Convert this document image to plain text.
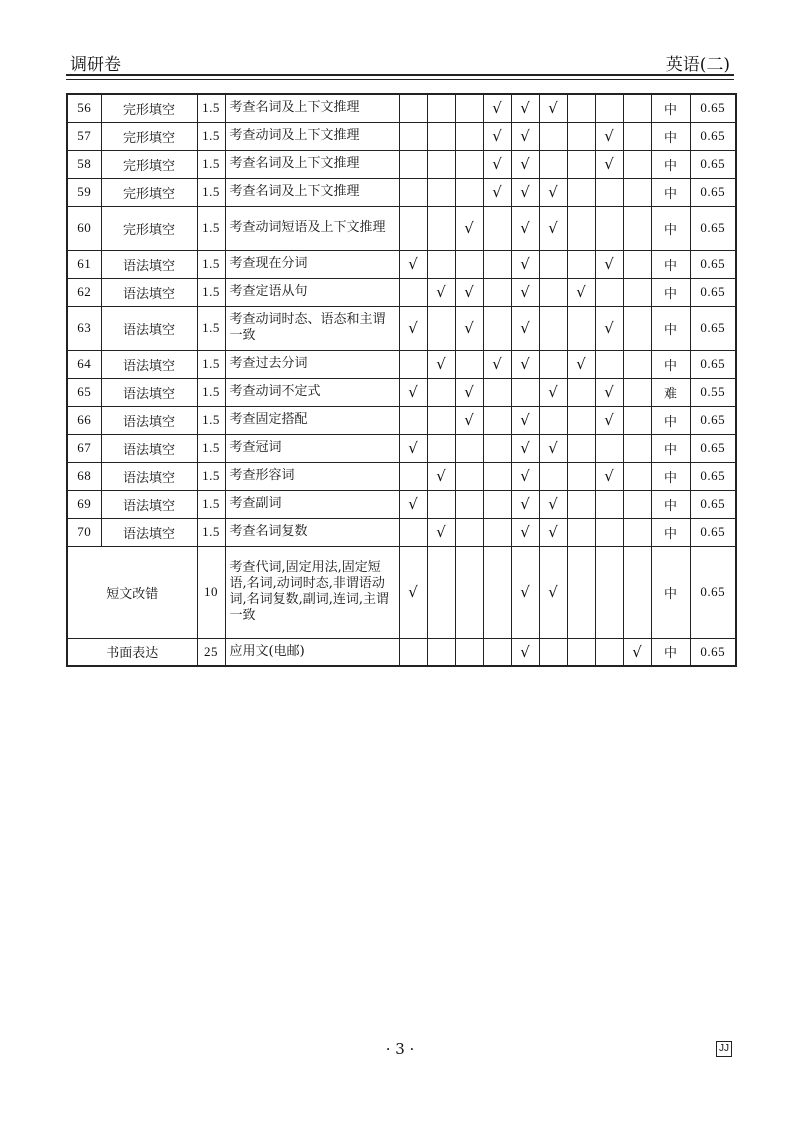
调研卷	英语(二)
56	完形填空	1.5	考查名词及上下文推理				√	√	√				中	0.65
57	完形填空	1.5	考查动词及上下文推理				√	√			√		中	0.65
58	完形填空	1.5	考查名词及上下文推理				√	√			√		中	0.65
59	完形填空	1.5	考查名词及上下文推理				√	√	√				中	0.65
60	完形填空	1.5	考查动词短语及上下文推理			√		√	√				中	0.65
61	语法填空	1.5	考查现在分词	√				√			√		中	0.65
62	语法填空	1.5	考查定语从句		√	√		√		√			中	0.65
63	语法填空	1.5	考查动词时态、语态和主谓一致	√		√		√			√		中	0.65
64	语法填空	1.5	考查过去分词		√		√	√		√			中	0.65
65	语法填空	1.5	考查动词不定式	√		√			√		√		难	0.55
66	语法填空	1.5	考查固定搭配			√		√			√		中	0.65
67	语法填空	1.5	考查冠词	√				√	√				中	0.65
68	语法填空	1.5	考查形容词		√			√			√		中	0.65
69	语法填空	1.5	考查副词	√				√	√				中	0.65
70	语法填空	1.5	考查名词复数		√			√	√				中	0.65
短文改错		10	考查代词,固定用法,固定短语,名词,动词时态,非谓语动词,名词复数,副词,连词,主谓一致	√				√	√				中	0.65
书面表达		25	应用文(电邮)					√				√	中	0.65
· 3 ·	JJ
